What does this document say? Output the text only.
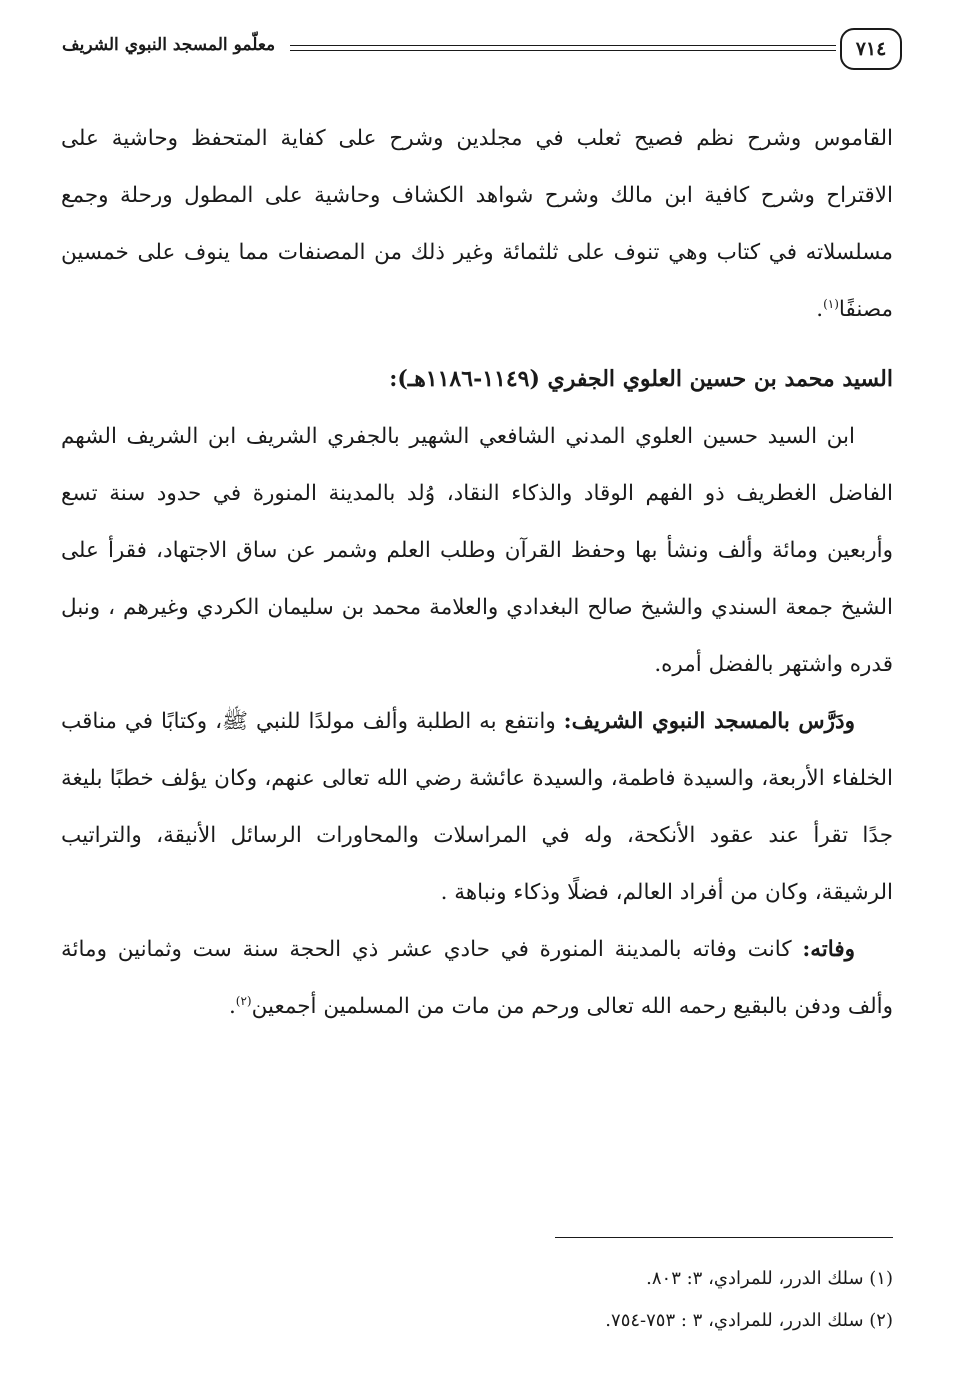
٧١٤
معلّمو المسجد النبوي الشريف

القاموس وشرح نظم فصيح ثعلب في مجلدين وشرح على كفاية المتحفظ وحاشية على الاقتراح وشرح كافية ابن مالك وشرح شواهد الكشاف وحاشية على المطول ورحلة وجمع مسلسلاته في كتاب وهي تنوف على ثلثمائة وغير ذلك من المصنفات مما ينوف على خمسين مصنفًا$^{(١)}$.

السيد محمد بن حسين العلوي الجفري (١١٤٩-١١٨٦هـ):

ابن السيد حسين العلوي المدني الشافعي الشهير بالجفري الشريف ابن الشريف الشهم الفاضل الغطريف ذو الفهم الوقاد والذكاء النقاد، وُلد بالمدينة المنورة في حدود سنة تسع وأربعين ومائة وألف ونشأ بها وحفظ القرآن وطلب العلم وشمر عن ساق الاجتهاد، فقرأ على الشيخ جمعة السندي والشيخ صالح البغدادي والعلامة محمد بن سليمان الكردي وغيرهم ، ونبل قدره واشتهر بالفضل أمره.

ودَرَّس بالمسجد النبوي الشريف: وانتفع به الطلبة وألف مولدًا للنبي ﷺ، وكتابًا في مناقب الخلفاء الأربعة، والسيدة فاطمة، والسيدة عائشة رضي الله تعالى عنهم، وكان يؤلف خطبًا بليغة جدًا تقرأ عند عقود الأنكحة، وله في المراسلات والمحاورات الرسائل الأنيقة، والتراتيب الرشيقة، وكان من أفراد العالم، فضلًا وذكاء ونباهة .

وفاته: كانت وفاته بالمدينة المنورة في حادي عشر ذي الحجة سنة ست وثمانين ومائة وألف ودفن بالبقيع رحمه الله تعالى ورحم من مات من المسلمين أجمعين$^{(٢)}$.

(١) سلك الدرر، للمرادي، ٣: ٨٠٣.

(٢) سلك الدرر، للمرادي، ٣ : ٧٥٣-٧٥٤.
